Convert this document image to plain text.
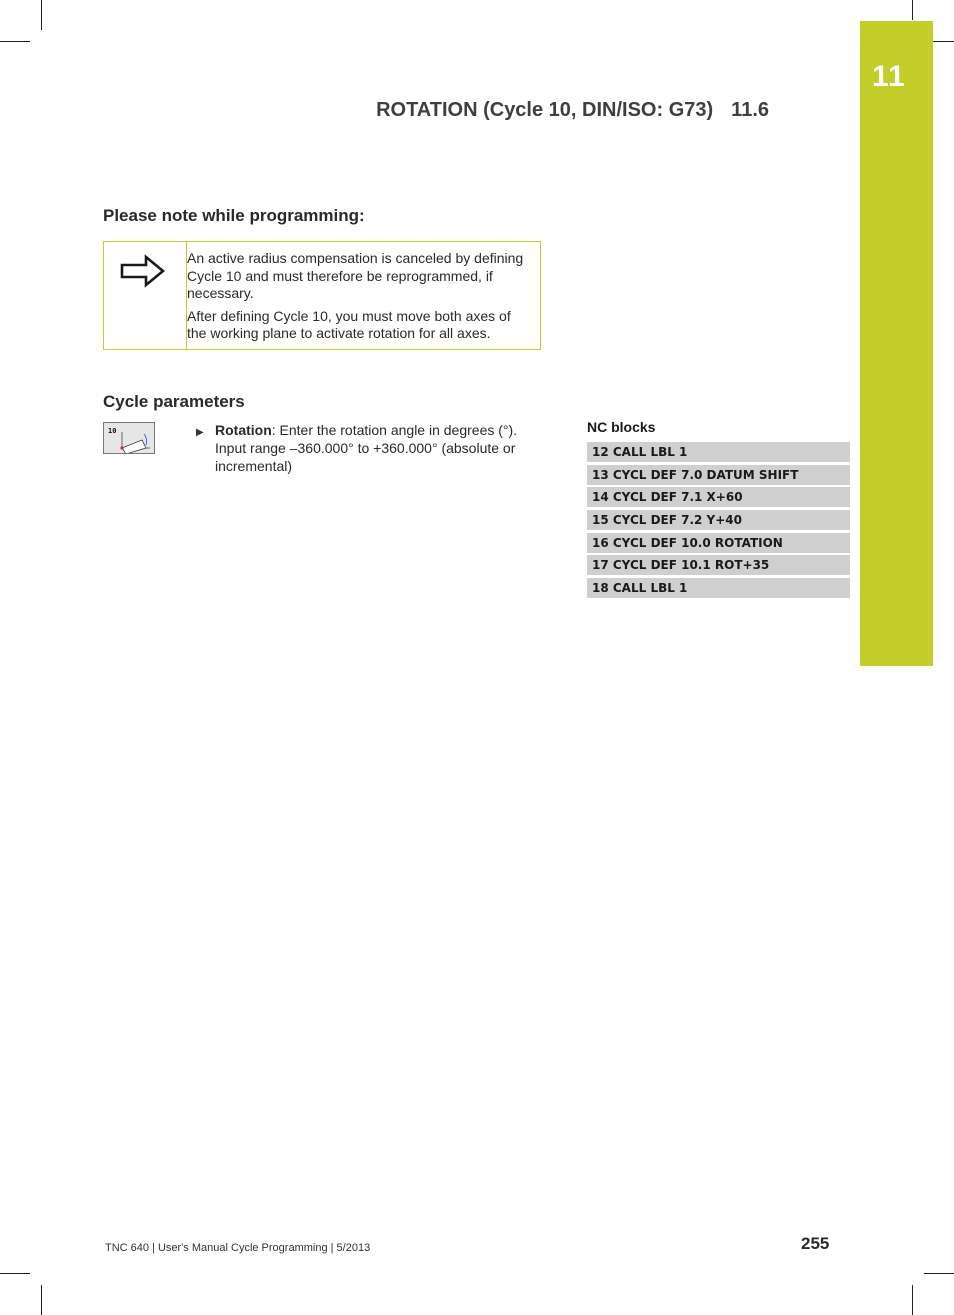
11
ROTATION (Cycle 10, DIN/ISO: G73) 11.6
Please note while programming:

An active radius compensation is canceled by defining Cycle 10 and must therefore be reprogrammed, if necessary.

After defining Cycle 10, you must move both axes of the working plane to activate rotation for all axes.

Cycle parameters
10	▶ Rotation: Enter the rotation angle in degrees (°). Input range –360.000° to +360.000° (absolute or incremental)
NC blocks
12 CALL LBL 1
13 CYCL DEF 7.0 DATUM SHIFT
14 CYCL DEF 7.1 X+60
15 CYCL DEF 7.2 Y+40
16 CYCL DEF 10.0 ROTATION
17 CYCL DEF 10.1 ROT+35
18 CALL LBL 1
TNC 640 | User's Manual Cycle Programming | 5/2013	255
